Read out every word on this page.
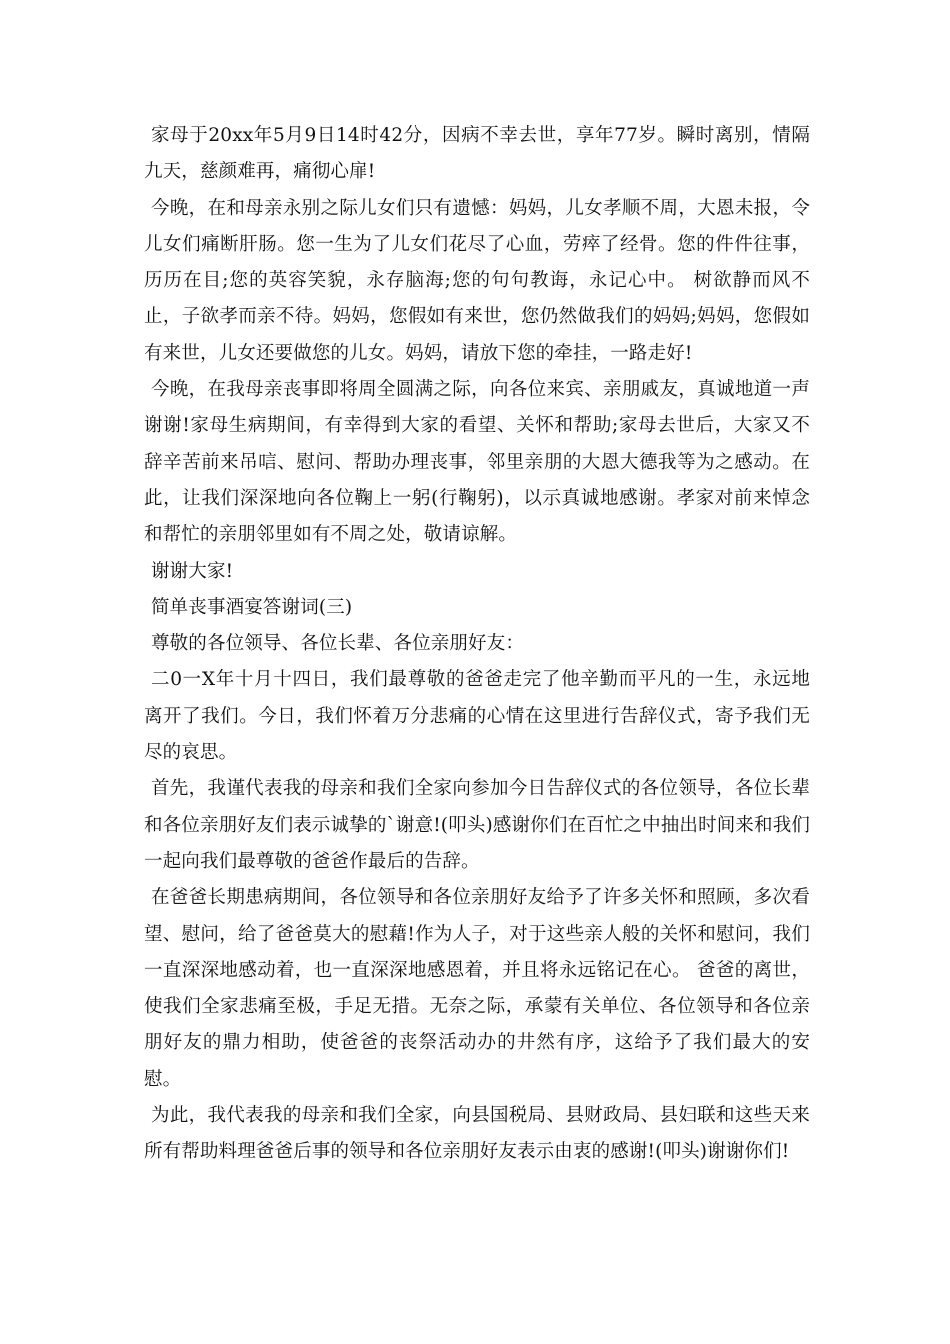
家母于20xx年5月9日14时42分，因病不幸去世，享年77岁。瞬时离别，情隔九天，慈颜难再，痛彻心扉!

今晚，在和母亲永别之际儿女们只有遗憾：妈妈，儿女孝顺不周，大恩未报，令儿女们痛断肝肠。您一生为了儿女们花尽了心血，劳瘁了经骨。您的件件往事，历历在目;您的英容笑貌，永存脑海;您的句句教诲，永记心中。 树欲静而风不止，子欲孝而亲不待。妈妈，您假如有来世，您仍然做我们的妈妈;妈妈，您假如有来世，儿女还要做您的儿女。妈妈，请放下您的牵挂，一路走好!

今晚，在我母亲丧事即将周全圆满之际，向各位来宾、亲朋戚友，真诚地道一声谢谢!家母生病期间，有幸得到大家的看望、关怀和帮助;家母去世后，大家又不辞辛苦前来吊唁、慰问、帮助办理丧事，邻里亲朋的大恩大德我等为之感动。在此，让我们深深地向各位鞠上一躬(行鞠躬)，以示真诚地感谢。孝家对前来悼念和帮忙的亲朋邻里如有不周之处，敬请谅解。

谢谢大家!

简单丧事酒宴答谢词(三)

尊敬的各位领导、各位长辈、各位亲朋好友：

二0一X年十月十四日，我们最尊敬的爸爸走完了他辛勤而平凡的一生，永远地离开了我们。今日，我们怀着万分悲痛的心情在这里进行告辞仪式，寄予我们无尽的哀思。

首先，我谨代表我的母亲和我们全家向参加今日告辞仪式的各位领导，各位长辈和各位亲朋好友们表示诚挚的`谢意!(叩头)感谢你们在百忙之中抽出时间来和我们一起向我们最尊敬的爸爸作最后的告辞。

在爸爸长期患病期间，各位领导和各位亲朋好友给予了许多关怀和照顾，多次看望、慰问，给了爸爸莫大的慰藉!作为人子，对于这些亲人般的关怀和慰问，我们一直深深地感动着，也一直深深地感恩着，并且将永远铭记在心。 爸爸的离世，使我们全家悲痛至极，手足无措。无奈之际，承蒙有关单位、各位领导和各位亲朋好友的鼎力相助，使爸爸的丧祭活动办的井然有序，这给予了我们最大的安慰。

为此，我代表我的母亲和我们全家，向县国税局、县财政局、县妇联和这些天来所有帮助料理爸爸后事的领导和各位亲朋好友表示由衷的感谢!(叩头)谢谢你们!
